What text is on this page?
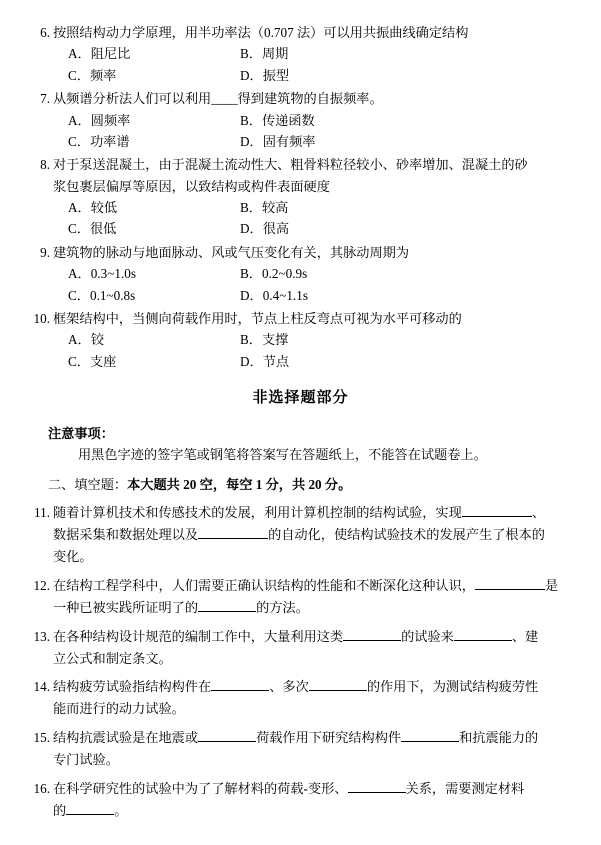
6. 按照结构动力学原理，用半功率法（0.707 法）可以用共振曲线确定结构
A．阻尼比	B．周期
C．频率	D．振型
7. 从频谱分析法人们可以利用____得到建筑物的自振频率。
A．圆频率	B．传递函数
C．功率谱	D．固有频率
8. 对于泵送混凝土，由于混凝土流动性大、粗骨料粒径较小、砂率增加、混凝土的砂
浆包裹层偏厚等原因，以致结构或构件表面硬度
A．较低	B．较高
C．很低	D．很高
9. 建筑物的脉动与地面脉动、风或气压变化有关，其脉动周期为
A．0.3~1.0s	B．0.2~0.9s
C．0.1~0.8s	D．0.4~1.1s
10. 框架结构中，当侧向荷载作用时，节点上柱反弯点可视为水平可移动的
A．铰	B．支撑
C．支座	D．节点
非选择题部分
注意事项：
用黑色字迹的签字笔或钢笔将答案写在答题纸上，不能答在试题卷上。
二、填空题：本大题共 20 空，每空 1 分，共 20 分。
11. 随着计算机技术和传感技术的发展，利用计算机控制的结构试验，实现	、
数据采集和数据处理以及	的自动化，使结构试验技术的发展产生了根本的
变化。
12. 在结构工程学科中，人们需要正确认识结构的性能和不断深化这种认识，	是
一种已被实践所证明了的	的方法。
13. 在各种结构设计规范的编制工作中，大量利用这类	的试验来	、建
立公式和制定条文。
14. 结构疲劳试验指结构构件在	、多次	的作用下，为测试结构疲劳性
能而进行的动力试验。
15. 结构抗震试验是在地震或	荷载作用下研究结构构件	和抗震能力的
专门试验。
16. 在科学研究性的试验中为了了解材料的荷载-变形、	关系，需要测定材料
的	。
